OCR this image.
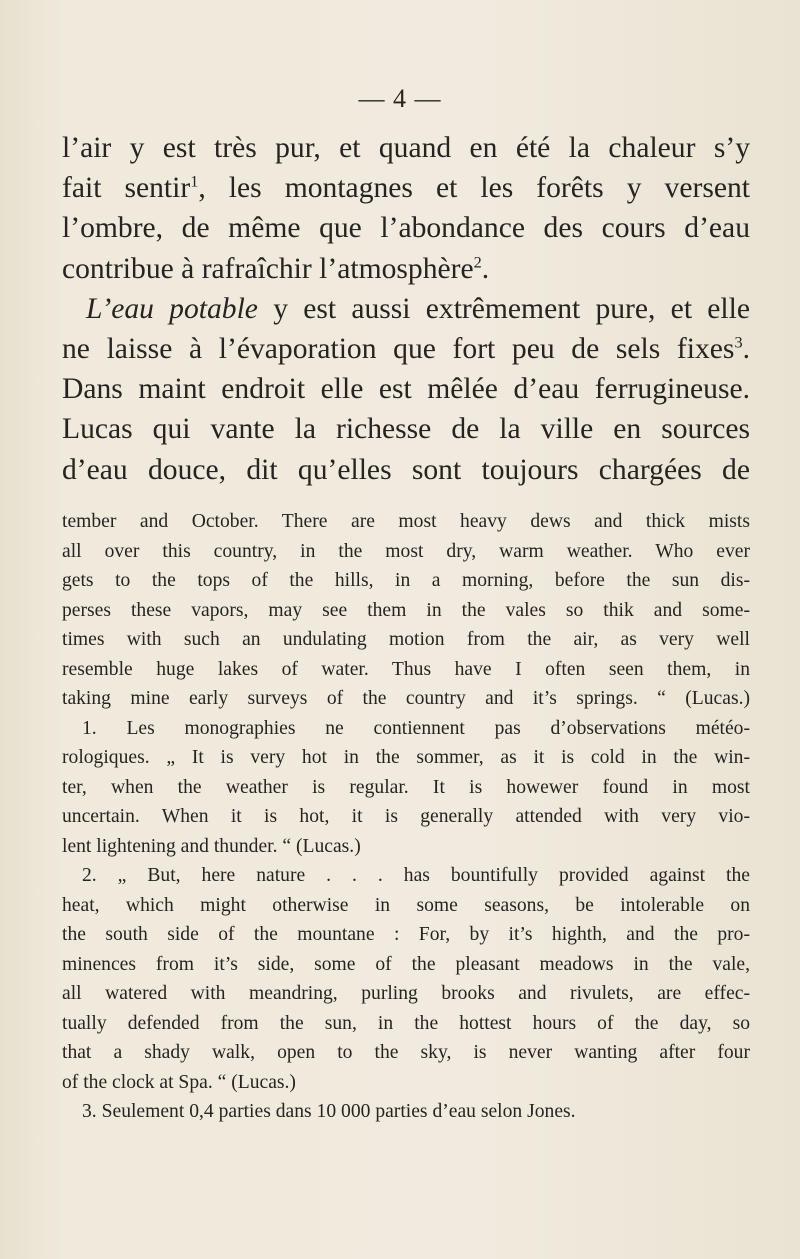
— 4 —

l’air y est très pur, et quand en été la chaleur s’y
fait sentir$^1$, les montagnes et les forêts y versent
l’ombre, de même que l’abondance des cours d’eau
contribue à rafraîchir l’atmosphère$^2$.

L’eau potable y est aussi extrêmement pure, et elle
ne laisse à l’évaporation que fort peu de sels fixes$^3$.
Dans maint endroit elle est mêlée d’eau ferrugineuse.
Lucas qui vante la richesse de la ville en sources
d’eau douce, dit qu’elles sont toujours chargées de

tember and October. There are most heavy dews and thick mists
all over this country, in the most dry, warm weather. Who ever
gets to the tops of the hills, in a morning, before the sun dis-
perses these vapors, may see them in the vales so thik and some-
times with such an undulating motion from the air, as very well
resemble huge lakes of water. Thus have I often seen them, in
taking mine early surveys of the country and it’s springs. “ (Lucas.)
1. Les monographies ne contiennent pas d’observations météo-
rologiques. „ It is very hot in the sommer, as it is cold in the win-
ter, when the weather is regular. It is howewer found in most
uncertain. When it is hot, it is generally attended with very vio-
lent lightening and thunder. “ (Lucas.)
2. „ But, here nature . . . has bountifully provided against the
heat, which might otherwise in some seasons, be intolerable on
the south side of the mountane : For, by it’s highth, and the pro-
minences from it’s side, some of the pleasant meadows in the vale,
all watered with meandring, purling brooks and rivulets, are effec-
tually defended from the sun, in the hottest hours of the day, so
that a shady walk, open to the sky, is never wanting after four
of the clock at Spa. “ (Lucas.)
3. Seulement 0,4 parties dans 10 000 parties d’eau selon Jones.
